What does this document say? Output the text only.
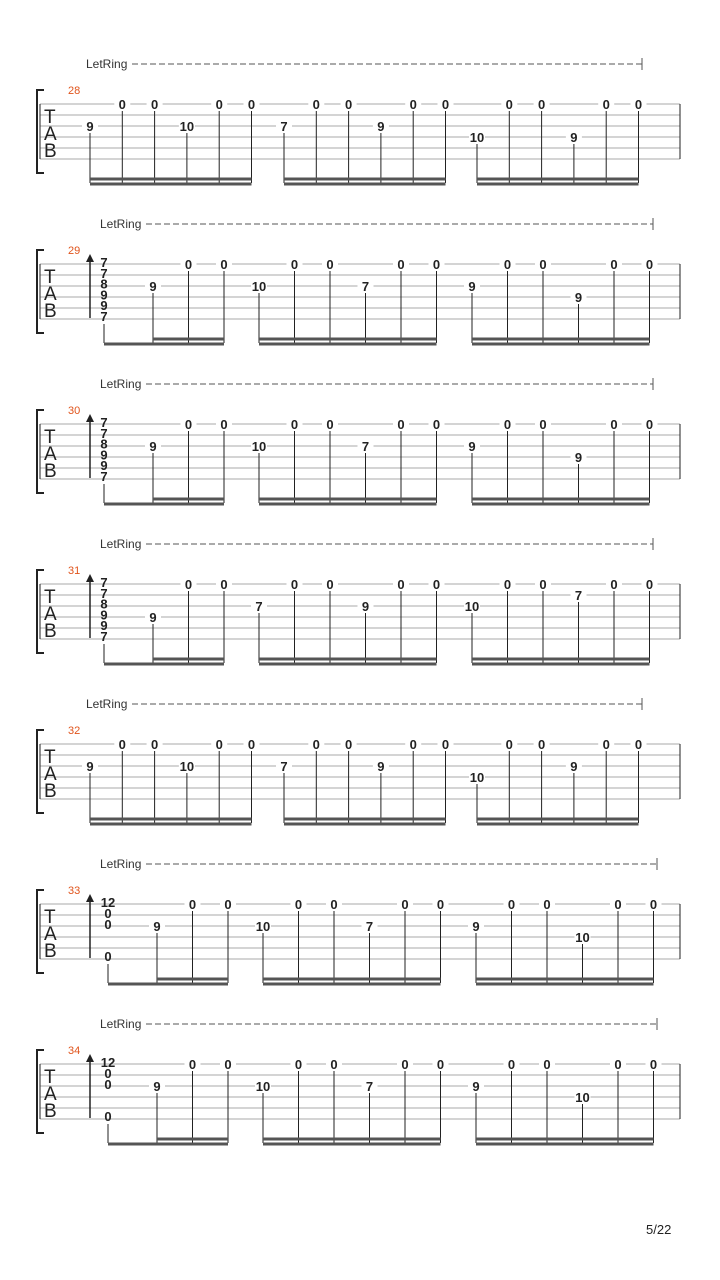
LetRing
28
T
A
B
9
0 0
10
0 0
7
0 0
9
0 0
10
0 0
9
0 0
LetRing
29
T
A
B
7
7
8
9
9
7
9
0 0
10
0 0
7
0 0
9
0 0
9
0 0
LetRing
30
T
A
B
7
7
8
9
9
7
9
0 0
10
0 0
7
0 0
9
0 0
9
0 0
LetRing
31
T
A
B
7
7
8
9
9
7
9
0 0
7
0 0
9
0 0
10
0 0
7
0 0
LetRing
32
T
A
B
9
0 0
10
0 0
7
0 0
9
0 0
10
0 0
9
0 0
LetRing
33
T
A
B
12
0
0
0
9
0 0
10
0 0
7
0 0
9
0 0
10
0 0
LetRing
34
T
A
B
12
0
0
0
9
0 0
10
0 0
7
0 0
9
0 0
10
0 0
5/22
